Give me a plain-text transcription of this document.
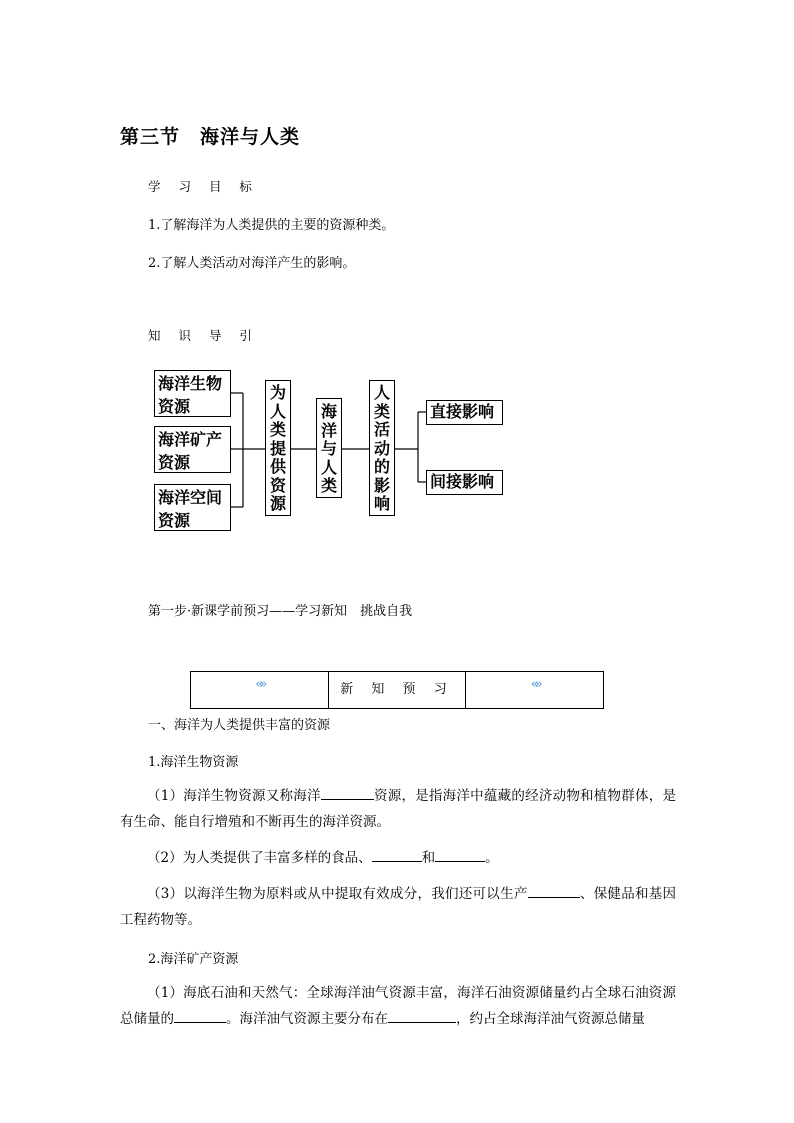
第三节　海洋与人类
学 习 目 标
1.了解海洋为人类提供的主要的资源种类。
2.了解人类活动对海洋产生的影响。
知 识 导 引
海洋生物
资源
海洋矿产
资源
海洋空间
资源
为人类提供资源
海洋与人类
人类活动的影响
直接影响
间接影响
第一步·新课学前预习——学习新知　挑战自我
«»	新 知 预 习	«»
一、海洋为人类提供丰富的资源
1.海洋生物资源
（1）海洋生物资源又称海洋	资源，是指海洋中蕴藏的经济动物和植物群体，是有生命、能自行增殖和不断再生的海洋资源。
（2）为人类提供了丰富多样的食品、	和	。
（3）以海洋生物为原料或从中提取有效成分，我们还可以生产	、保健品和基因工程药物等。
2.海洋矿产资源
（1）海底石油和天然气：全球海洋油气资源丰富，海洋石油资源储量约占全球石油资源总储量的	。海洋油气资源主要分布在	，约占全球海洋油气资源总储量
